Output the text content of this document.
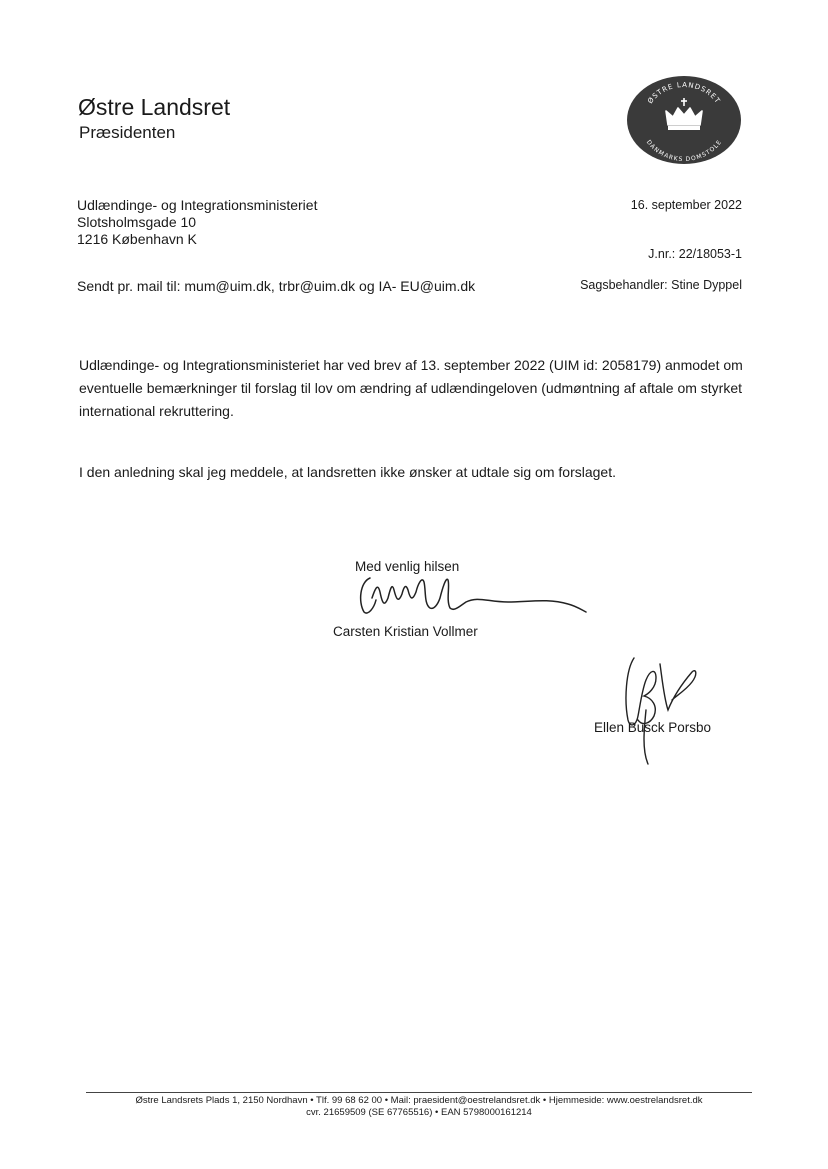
Østre Landsret
Præsidenten
ØSTRE LANDSRET
DANMARKS DOMSTOLE
Udlændinge- og Integrationsministeriet
Slotsholmsgade 10
1216 København K
16. september 2022
J.nr.: 22/18053-1
Sendt pr. mail til: mum@uim.dk, trbr@uim.dk og IA- EU@uim.dk	Sagsbehandler: Stine Dyppel
Udlændinge- og Integrationsministeriet har ved brev af 13. september 2022 (UIM id: 2058179) anmodet om eventuelle bemærkninger til forslag til lov om ændring af udlændingeloven (udmøntning af aftale om styrket international rekruttering.
I den anledning skal jeg meddele, at landsretten ikke ønsker at udtale sig om forslaget.
Med venlig hilsen
Carsten Kristian Vollmer
Ellen Busck Porsbo
Østre Landsrets Plads 1, 2150 Nordhavn • Tlf. 99 68 62 00 • Mail: praesident@oestrelandsret.dk • Hjemmeside: www.oestrelandsret.dk
cvr. 21659509 (SE 67765516) • EAN 5798000161214
